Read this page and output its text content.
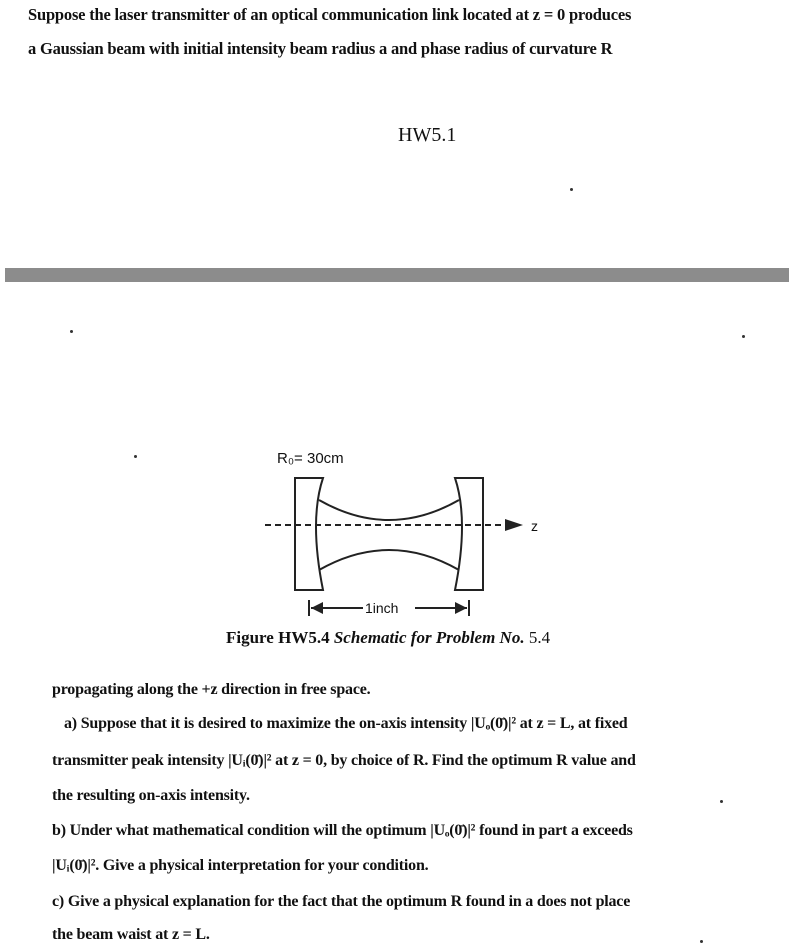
Suppose the laser transmitter of an optical communication link located at z = 0 produces
a Gaussian beam with initial intensity beam radius a and phase radius of curvature R
HW5.1
R₀= 30cm
z
1inch
Figure HW5.4 Schematic for Problem No. 5.4
propagating along the +z direction in free space.
a) Suppose that it is desired to maximize the on-axis intensity |Uₒ(0̄)|² at z = L, at fixed
transmitter peak intensity |Uᵢ(0̄)|² at z = 0, by choice of R. Find the optimum R value and
the resulting on-axis intensity.
b) Under what mathematical condition will the optimum |Uₒ(0̄)|² found in part a exceeds
|Uᵢ(0̄)|². Give a physical interpretation for your condition.
c) Give a physical explanation for the fact that the optimum R found in a does not place
the beam waist at z = L.
